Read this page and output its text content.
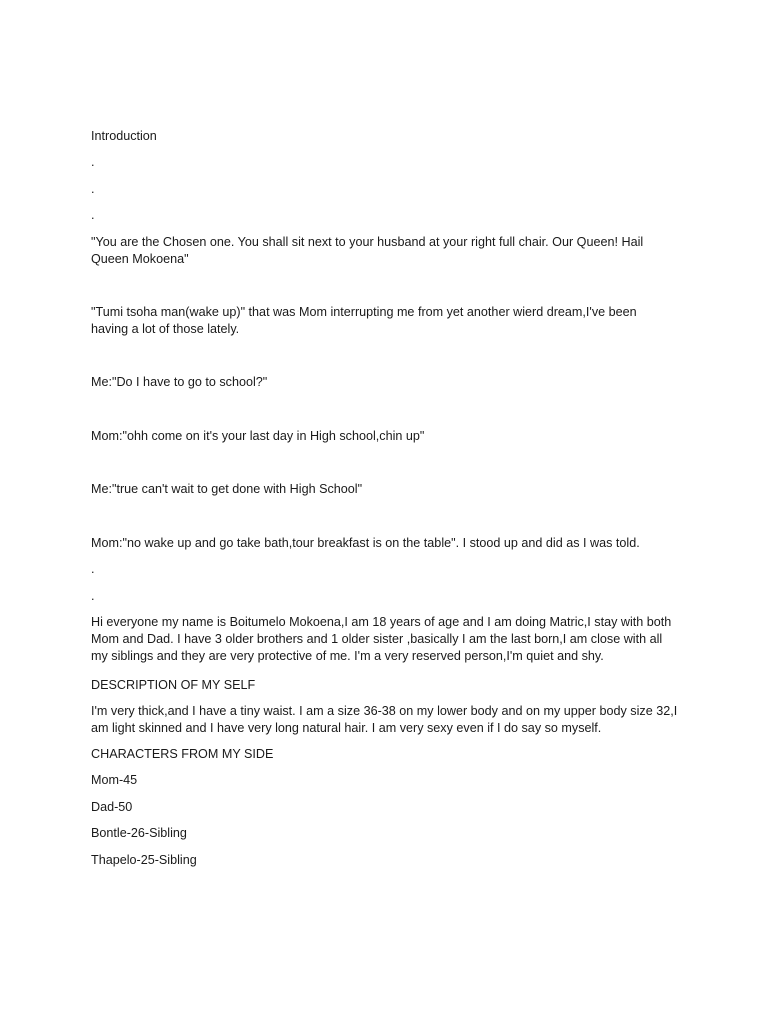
Introduction

.

.

.

"You are the Chosen one. You shall sit next to your husband at your right full chair. Our Queen! Hail Queen Mokoena"

"Tumi tsoha man(wake up)" that was Mom interrupting me from yet another wierd dream,I've been having a lot of those lately.

Me:"Do I have to go to school?"

Mom:"ohh come on it's your last day in High school,chin up"

Me:"true can't wait to get done with High School"

Mom:"no wake up and go take bath,tour breakfast is on the table". I stood up and did as I was told.

.

.

Hi everyone my name is Boitumelo Mokoena,I am 18 years of age and I am doing Matric,I stay with both Mom and Dad. I have 3 older brothers and 1 older sister ,basically I am the last born,I am close with all my siblings and they are very protective of me. I'm a very reserved person,I'm quiet and shy.

DESCRIPTION OF MY SELF

I'm very thick,and I have a tiny waist. I am a size 36-38 on my lower body and on my upper body size 32,I am light skinned and I have very long natural hair. I am very sexy even if I do say so myself.

CHARACTERS FROM MY SIDE

Mom-45

Dad-50

Bontle-26-Sibling

Thapelo-25-Sibling
